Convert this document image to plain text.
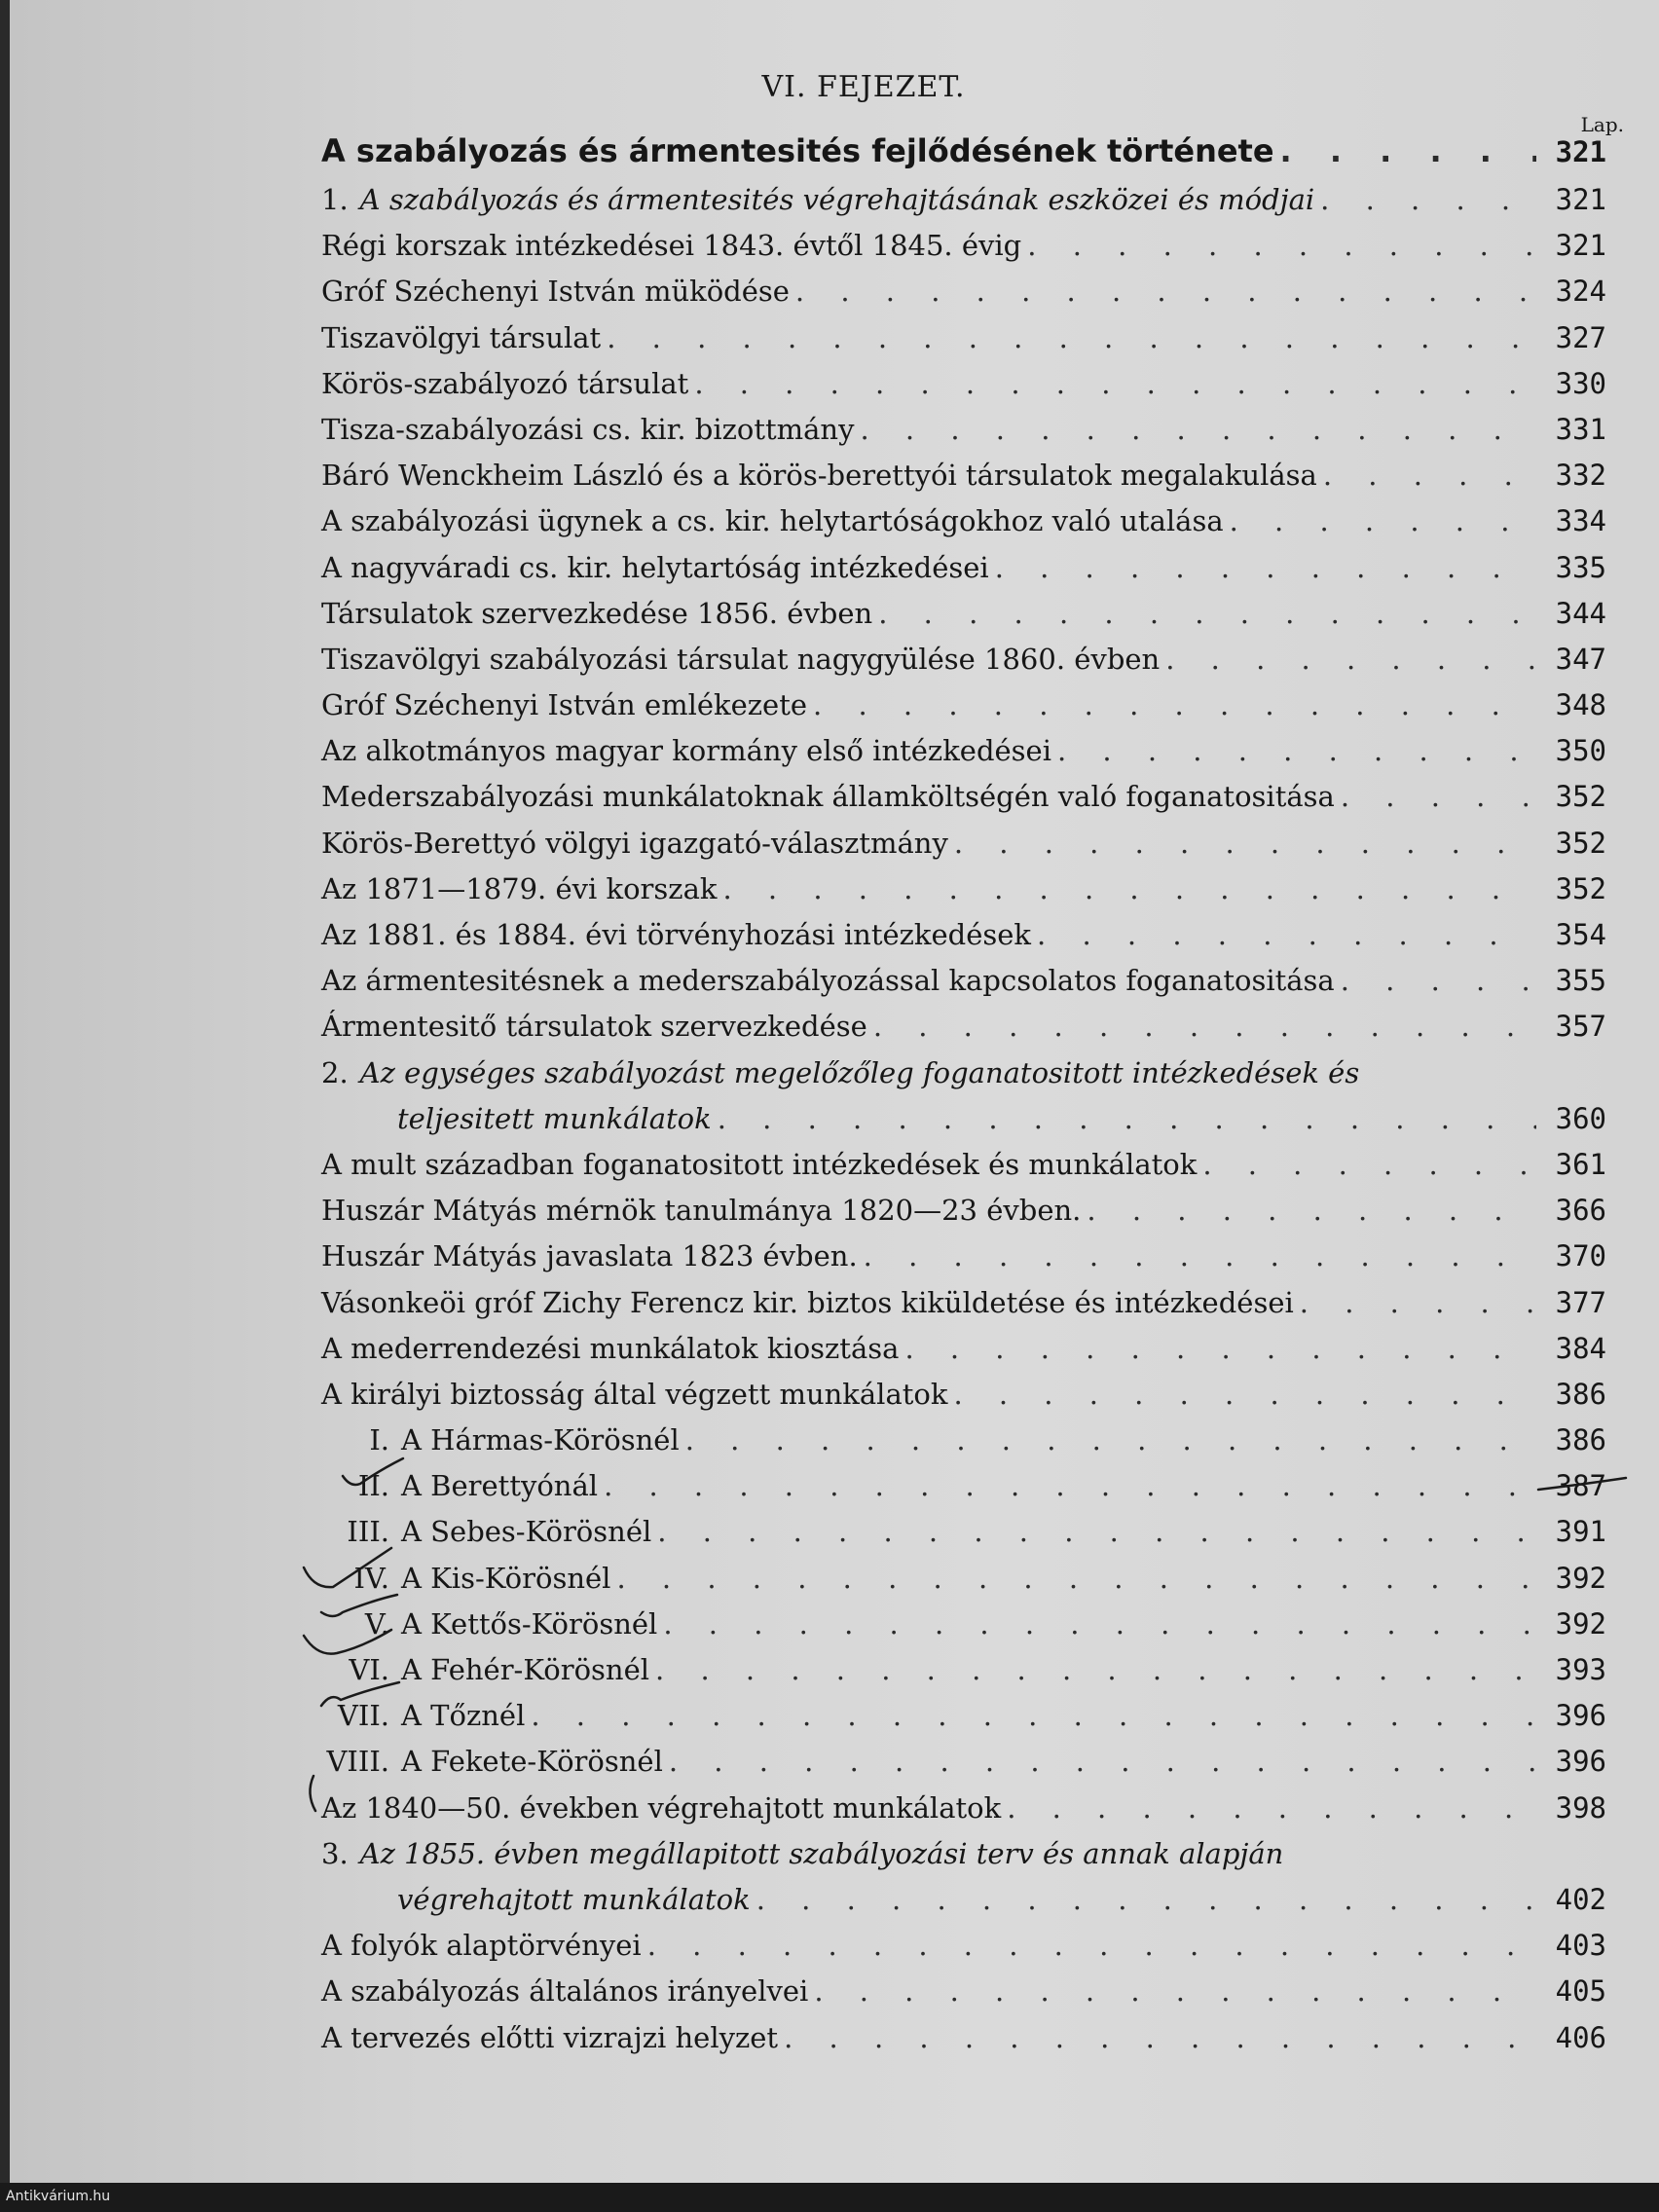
VI. FEJEZET.
Lap.
A szabályozás és ármentesités fejlődésének története . . .	321
1. A szabályozás és ármentesités végrehajtásának eszközei és módjai . . .	321
Régi korszak intézkedései 1843. évtől 1845. évig . . .	321
Gróf Széchenyi István müködése . . .	324
Tiszavölgyi társulat . . .	327
Körös-szabályozó társulat . . .	330
Tisza-szabályozási cs. kir. bizottmány . . .	331
Báró Wenckheim László és a körös-berettyói társulatok megalakulása . . .	332
A szabályozási ügynek a cs. kir. helytartóságokhoz való utalása . . .	334
A nagyváradi cs. kir. helytartóság intézkedései . . .	335
Társulatok szervezkedése 1856. évben . . .	344
Tiszavölgyi szabályozási társulat nagygyülése 1860. évben . . .	347
Gróf Széchenyi István emlékezete . . .	348
Az alkotmányos magyar kormány első intézkedései . . .	350
Mederszabályozási munkálatoknak államköltségén való foganatositása . . .	352
Körös-Berettyó völgyi igazgató-választmány . . .	352
Az 1871—1879. évi korszak . . .	352
Az 1881. és 1884. évi törvényhozási intézkedések . . .	354
Az ármentesitésnek a mederszabályozással kapcsolatos foganatositása . . .	355
Ármentesitő társulatok szervezkedése . . .	357
2. Az egységes szabályozást megelőzőleg foganatositott intézkedések és
teljesitett munkálatok . . .	360
A mult században foganatositott intézkedések és munkálatok . . .	361
Huszár Mátyás mérnök tanulmánya 1820—23 évben. . . .	366
Huszár Mátyás javaslata 1823 évben. . . .	370
Vásonkeöi gróf Zichy Ferencz kir. biztos kiküldetése és intézkedései . . .	377
A mederrendezési munkálatok kiosztása . . .	384
A királyi biztosság által végzett munkálatok . . .	386
I. A Hármas-Körösnél . . .	386
II. A Berettyónál . . .	387
III. A Sebes-Körösnél . . .	391
IV. A Kis-Körösnél . . .	392
V. A Kettős-Körösnél . . .	392
VI. A Fehér-Körösnél . . .	393
VII. A Tőznél . . .	396
VIII. A Fekete-Körösnél . . .	396
Az 1840—50. években végrehajtott munkálatok . . .	398
3. Az 1855. évben megállapitott szabályozási terv és annak alapján
végrehajtott munkálatok . . .	402
A folyók alaptörvényei . . .	403
A szabályozás általános irányelvei . . .	405
A tervezés előtti vizrajzi helyzet . . .	406
Antikvárium.hu
